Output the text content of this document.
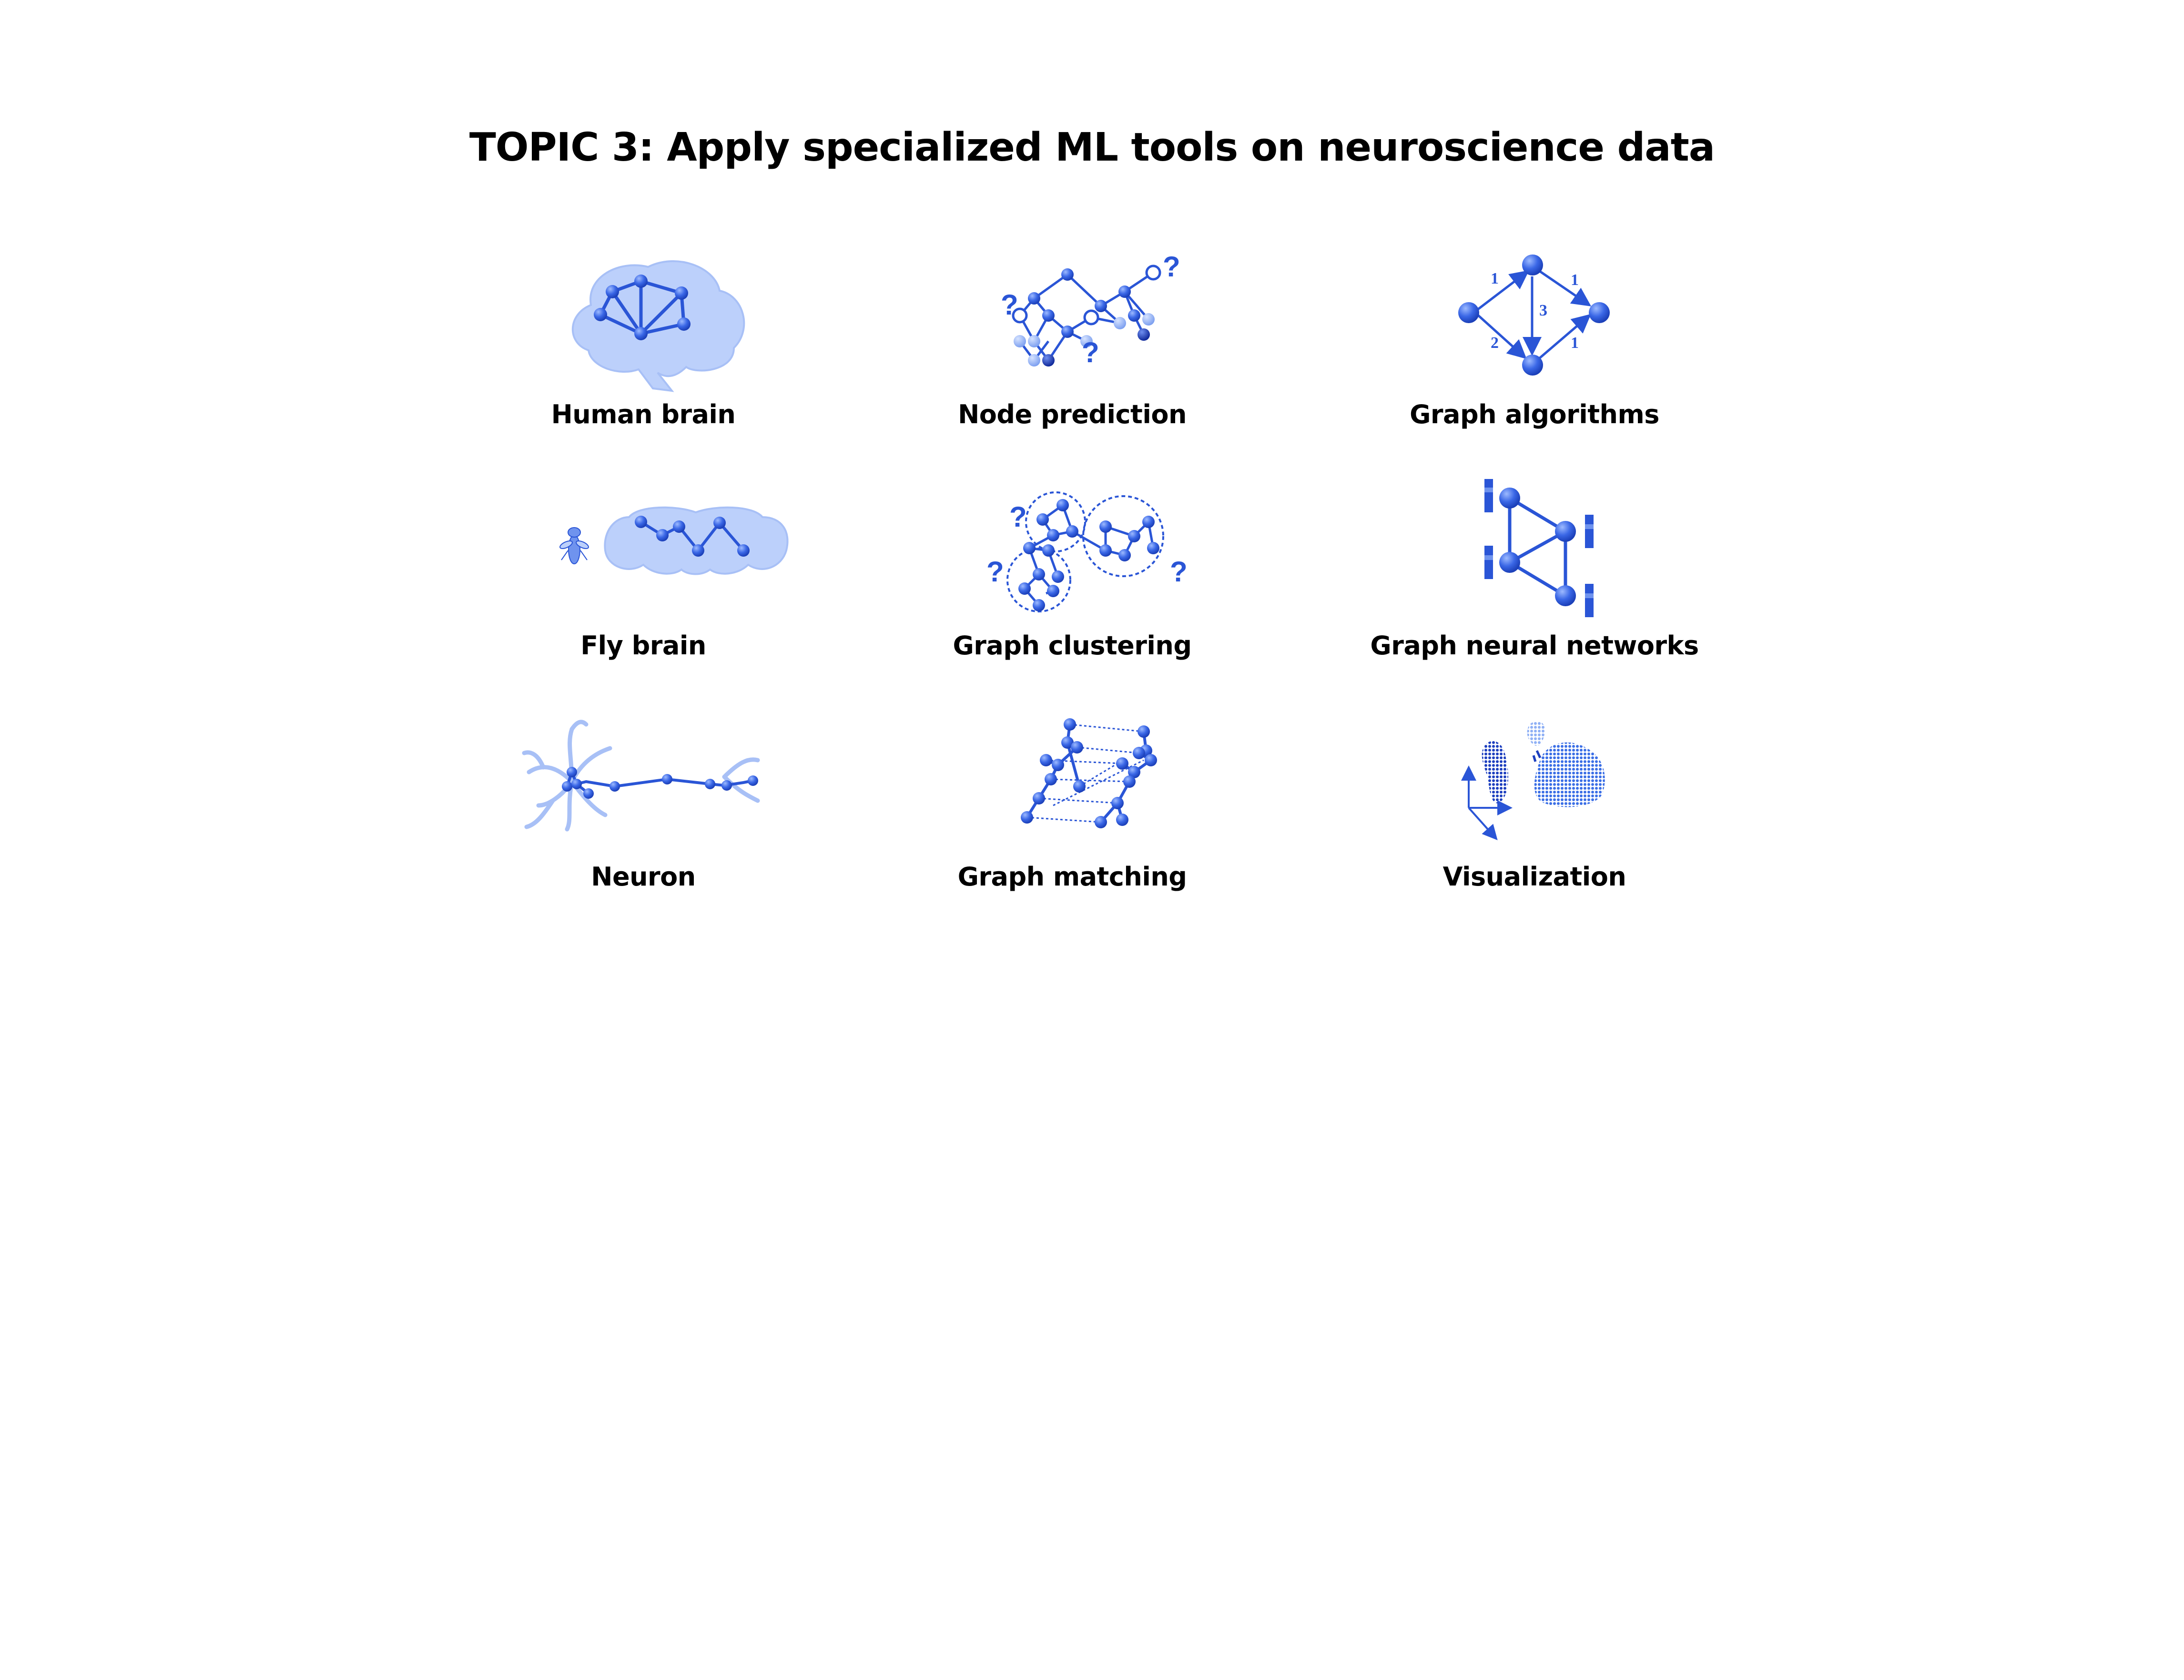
TOPIC 3: Apply specialized ML tools on neuroscience data
Human brain
?
?
?
Node prediction
1	1
3
2	1
Graph algorithms
Fly brain
?
?	?
Graph clustering	Graph neural networks
Neuron	Graph matching	Visualization
